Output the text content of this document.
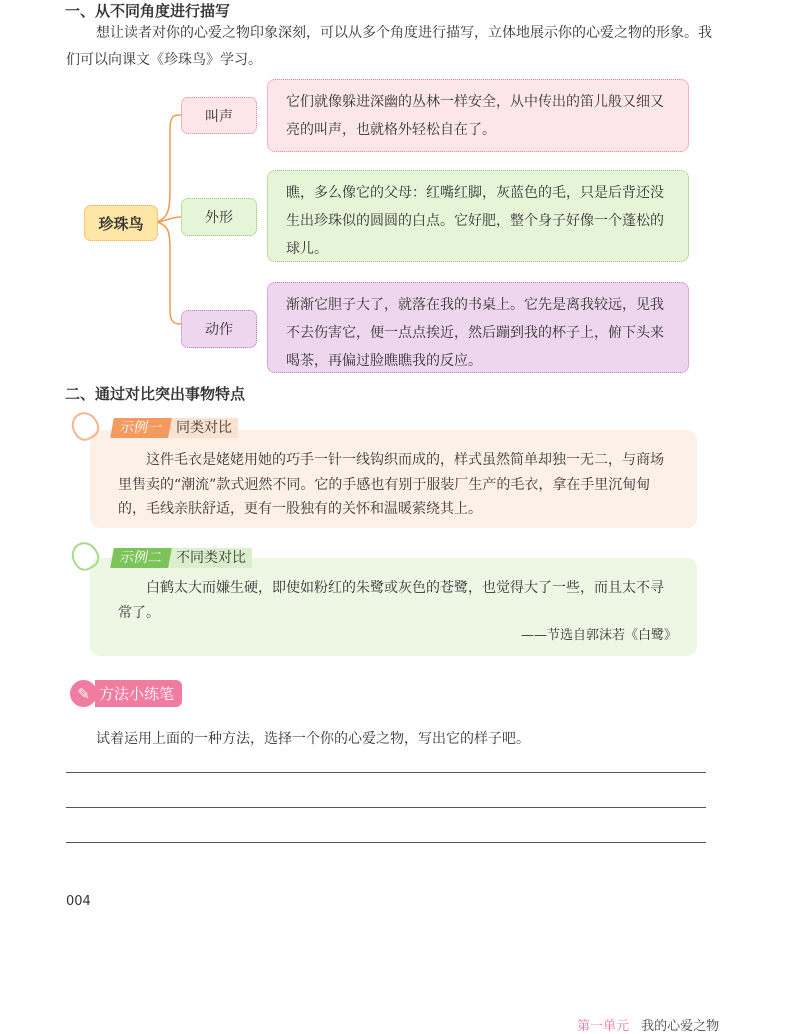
一、从不同角度进行描写
想让读者对你的心爱之物印象深刻，可以从多个角度进行描写，立体地展示你的心爱之物的形象。我们可以向课文《珍珠鸟》学习。
珍珠鸟
叫声
它们就像躲进深幽的丛林一样安全，从中传出的笛儿般又细又亮的叫声，也就格外轻松自在了。
外形
瞧，多么像它的父母：红嘴红脚，灰蓝色的毛，只是后背还没生出珍珠似的圆圆的白点。它好肥，整个身子好像一个蓬松的球儿。
动作
渐渐它胆子大了，就落在我的书桌上。它先是离我较远，见我不去伤害它，便一点点挨近，然后蹦到我的杯子上，俯下头来喝茶，再偏过脸瞧瞧我的反应。
二、通过对比突出事物特点
这件毛衣是姥姥用她的巧手一针一线钩织而成的，样式虽然简单却独一无二，与商场里售卖的“潮流”款式迥然不同。它的手感也有别于服装厂生产的毛衣，拿在手里沉甸甸的，毛线亲肤舒适，更有一股独有的关怀和温暖萦绕其上。
示例一 同类对比
白鹤太大而嫌生硬，即使如粉红的朱鹭或灰色的苍鹭，也觉得大了一些，而且太不寻常了。
——节选自郭沫若《白鹭》
示例二 不同类对比
✎ 方法小练笔
试着运用上面的一种方法，选择一个你的心爱之物，写出它的样子吧。
004
第一单元 我的心爱之物
